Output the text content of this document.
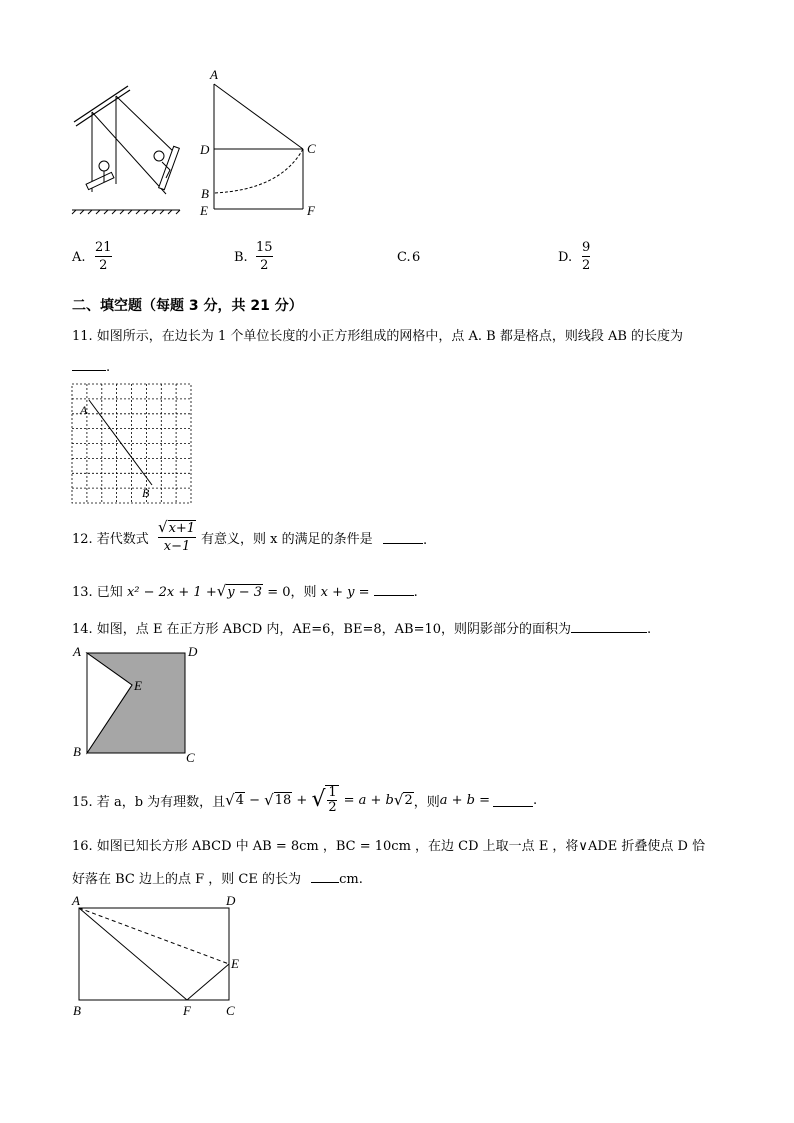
A
D	C
B
E	F
A.
21
2
B.
15
2
C. 6	D.
9
2
二、填空题（每题 3 分，共 21 分）
11. 如图所示，在边长为 1 个单位长度的小正方形组成的网格中，点 A. B 都是格点，则线段 AB 的长度为
.
A
B
12. 若代数式
√ x+1
x−1 有意义，则 x 的满足的条件是	.
13. 已知 x² − 2x + 1 +√y − 3 = 0，则 x + y =	.
14. 如图，点 E 在正方形 ABCD 内，AE=6，BE=8，AB=10，则阴影部分的面积为	.
A	D
E
B	C
15. 若 a，b 为有理数，且 √ 4 − √ 18 + √ 1
2 = a + b √ 2 ，则 a + b =	.
16. 如图已知长方形 ABCD 中 AB = 8cm ，BC = 10cm ，在边 CD 上取一点 E ，将∨ADE 折叠使点 D 恰
好落在 BC 边上的点 F ，则 CE 的长为	cm.
A	D
E
B	F	C
